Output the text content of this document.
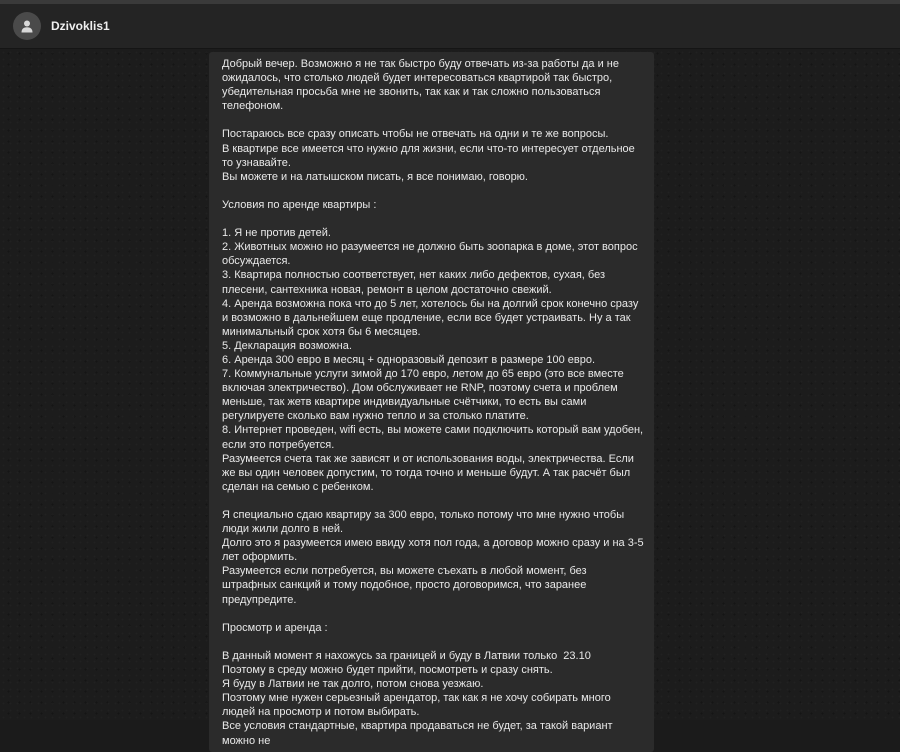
Dzivoklis1
Добрый вечер. Возможно я не так быстро буду отвечать из-за работы да и не ожидалось, что столько людей будет интересоваться квартирой так быстро, убедительная просьба мне не звонить, так как и так сложно пользоваться телефоном.

Постараюсь все сразу описать чтобы не отвечать на одни и те же вопросы.
В квартире все имеется что нужно для жизни, если что-то интересует отдельное то узнавайте.
Вы можете и на латышском писать, я все понимаю, говорю.

Условия по аренде квартиры :

1. Я не против детей.
2. Животных можно но разумеется не должно быть зоопарка в доме, этот вопрос обсуждается.
3. Квартира полностью соответствует, нет каких либо дефектов, сухая, без плесени, сантехника новая, ремонт в целом достаточно свежий.
4. Аренда возможна пока что до 5 лет, хотелось бы на долгий срок конечно сразу и возможно в дальнейшем еще продление, если все будет устраивать. Ну а так минимальный срок хотя бы 6 месяцев.
5. Декларация возможна.
6. Аренда 300 евро в месяц + одноразовый депозит в размере 100 евро.
7. Коммунальные услуги зимой до 170 евро, летом до 65 евро (это все вместе включая электричество). Дом обслуживает не RNP, поэтому счета и проблем меньше, так жетв квартире индивидуальные счётчики, то есть вы сами регулируете сколько вам нужно тепло и за столько платите.
8. Интернет проведен, wifi есть, вы можете сами подключить который вам удобен, если это потребуется.
Разумеется счета так же зависят и от использования воды, электричества. Если же вы один человек допустим, то тогда точно и меньше будут. А так расчёт был сделан на семью с ребенком.

Я специально сдаю квартиру за 300 евро, только потому что мне нужно чтобы люди жили долго в ней.
Долго это я разумеется имею ввиду хотя пол года, а договор можно сразу и на 3-5 лет оформить.
Разумеется если потребуется, вы можете съехать в любой момент, без штрафных санкций и тому подобное, просто договоримся, что заранее предупредите.

Просмотр и аренда :

В данный момент я нахожусь за границей и буду в Латвии только  23.10
Поэтому в среду можно будет прийти, посмотреть и сразу снять.
Я буду в Латвии не так долго, потом снова уезжаю.
Поэтому мне нужен серьезный арендатор, так как я не хочу собирать много людей на просмотр и потом выбирать.
Все условия стандартные, квартира продаваться не будет, за такой вариант можно не
